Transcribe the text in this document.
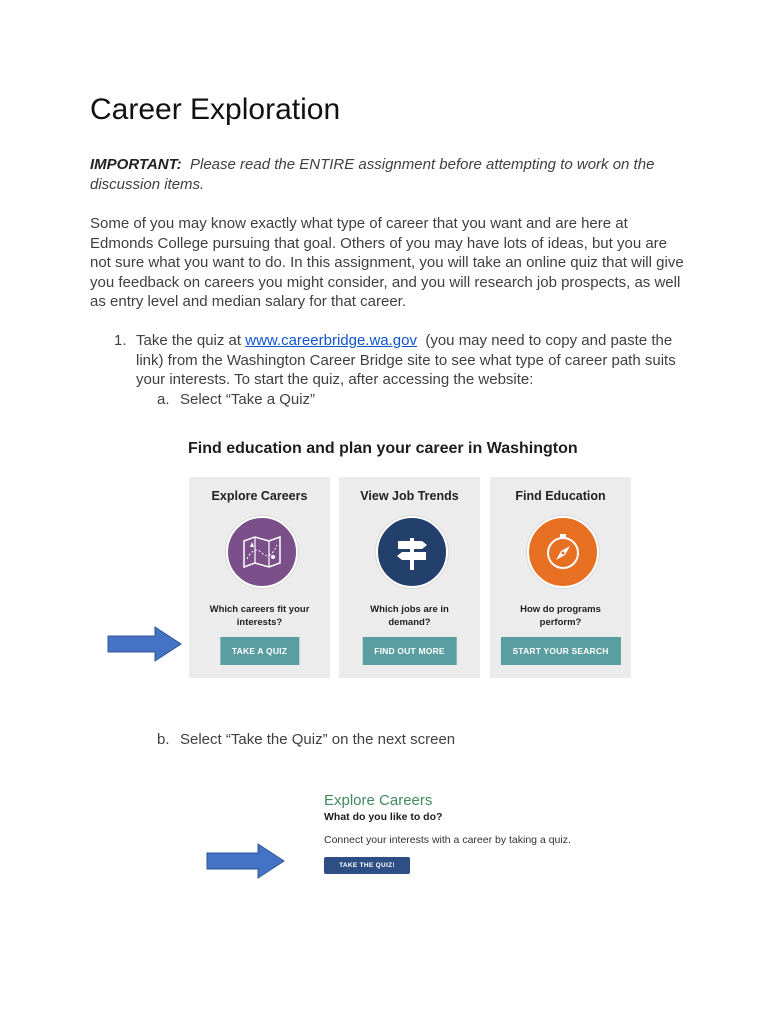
Career Exploration

IMPORTANT: Please read the ENTIRE assignment before attempting to work on the discussion items.

Some of you may know exactly what type of career that you want and are here at Edmonds College pursuing that goal. Others of you may have lots of ideas, but you are not sure what you want to do. In this assignment, you will take an online quiz that will give you feedback on careers you might consider, and you will research job prospects, as well as entry level and median salary for that career.

1. Take the quiz at www.careerbridge.wa.gov (you may need to copy and paste the link) from the Washington Career Bridge site to see what type of career path suits your interests. To start the quiz, after accessing the website:

a. Select “Take a Quiz”
Find education and plan your career in Washington
Explore Careers
Which careers fit your interests?
TAKE A QUIZ
View Job Trends
Which jobs are in demand?
FIND OUT MORE
Find Education
How do programs perform?
START YOUR SEARCH
b. Select “Take the Quiz” on the next screen
Explore Careers
What do you like to do?
Connect your interests with a career by taking a quiz.
TAKE THE QUIZ!
